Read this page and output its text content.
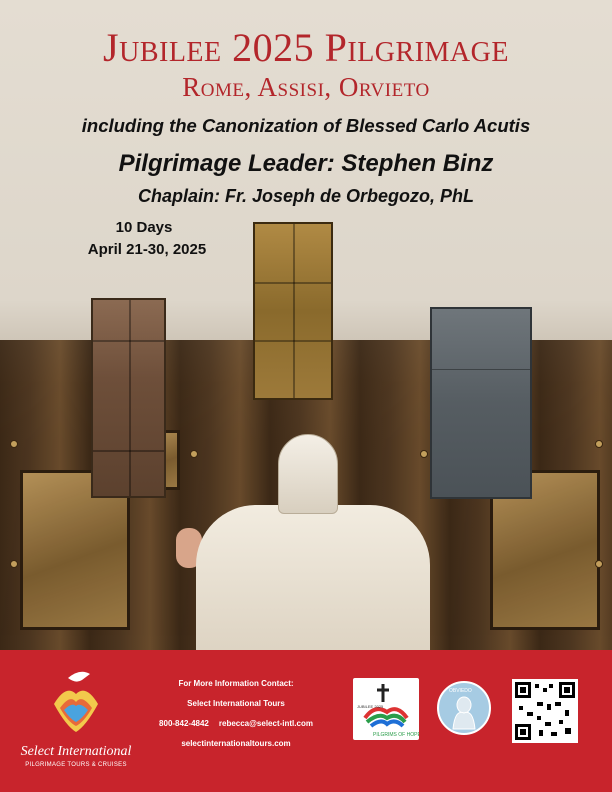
Jubilee 2025 Pilgrimage
Rome, Assisi, Orvieto
including the Canonization of Blessed Carlo Acutis
Pilgrimage Leader: Stephen Binz
Chaplain: Fr. Joseph de Orbegozo, PhL
10 Days
April 21-30, 2025
Select International
PILGRIMAGE TOURS & CRUISES
For More Information Contact:
Select International Tours
800-842-4842 rebecca@select-intl.com
selectinternationaltours.com
JUBILEE 2025
PILGRIMS OF HOPE
OBVIEDO
